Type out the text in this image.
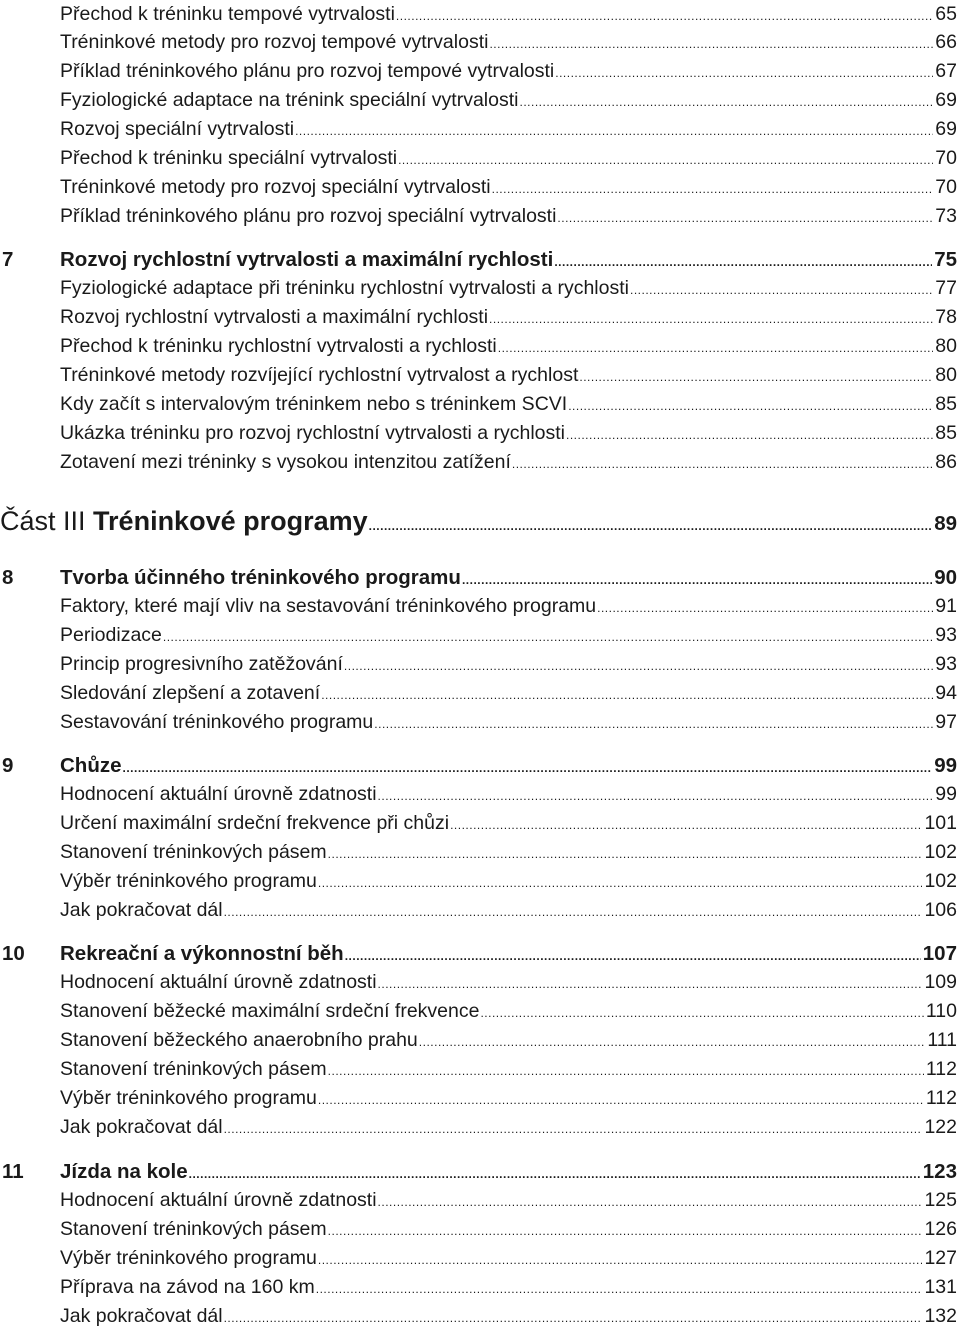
Přechod k tréninku tempové vytrvalosti .....	65
Tréninkové metody pro rozvoj tempové vytrvalosti .....	66
Příklad tréninkového plánu pro rozvoj tempové vytrvalosti .....	67
Fyziologické adaptace na trénink speciální vytrvalosti .....	69
Rozvoj speciální vytrvalosti .....	69
Přechod k tréninku speciální vytrvalosti .....	70
Tréninkové metody pro rozvoj speciální vytrvalosti .....	70
Příklad tréninkového plánu pro rozvoj speciální vytrvalosti .....	73
7 Rozvoj rychlostní vytrvalosti a maximální rychlosti .....	75
Fyziologické adaptace při tréninku rychlostní vytrvalosti a rychlosti .....	77
Rozvoj rychlostní vytrvalosti a maximální rychlosti .....	78
Přechod k tréninku rychlostní vytrvalosti a rychlosti .....	80
Tréninkové metody rozvíjející rychlostní vytrvalost a rychlost .....	80
Kdy začít s intervalovým tréninkem nebo s tréninkem SCVI .....	85
Ukázka tréninku pro rozvoj rychlostní vytrvalosti a rychlosti .....	85
Zotavení mezi tréninky s vysokou intenzitou zatížení .....	86
Část III Tréninkové programy .....	89
8 Tvorba účinného tréninkového programu .....	90
Faktory, které mají vliv na sestavování tréninkového programu .....	91
Periodizace .....	93
Princip progresivního zatěžování .....	93
Sledování zlepšení a zotavení .....	94
Sestavování tréninkového programu .....	97
9 Chůze .....	99
Hodnocení aktuální úrovně zdatnosti .....	99
Určení maximální srdeční frekvence při chůzi .....	101
Stanovení tréninkových pásem .....	102
Výběr tréninkového programu .....	102
Jak pokračovat dál .....	106
10 Rekreační a výkonnostní běh .....	107
Hodnocení aktuální úrovně zdatnosti .....	109
Stanovení běžecké maximální srdeční frekvence .....	110
Stanovení běžeckého anaerobního prahu .....	111
Stanovení tréninkových pásem .....	112
Výběr tréninkového programu .....	112
Jak pokračovat dál .....	122
11 Jízda na kole .....	123
Hodnocení aktuální úrovně zdatnosti .....	125
Stanovení tréninkových pásem .....	126
Výběr tréninkového programu .....	127
Příprava na závod na 160 km .....	131
Jak pokračovat dál .....	132
